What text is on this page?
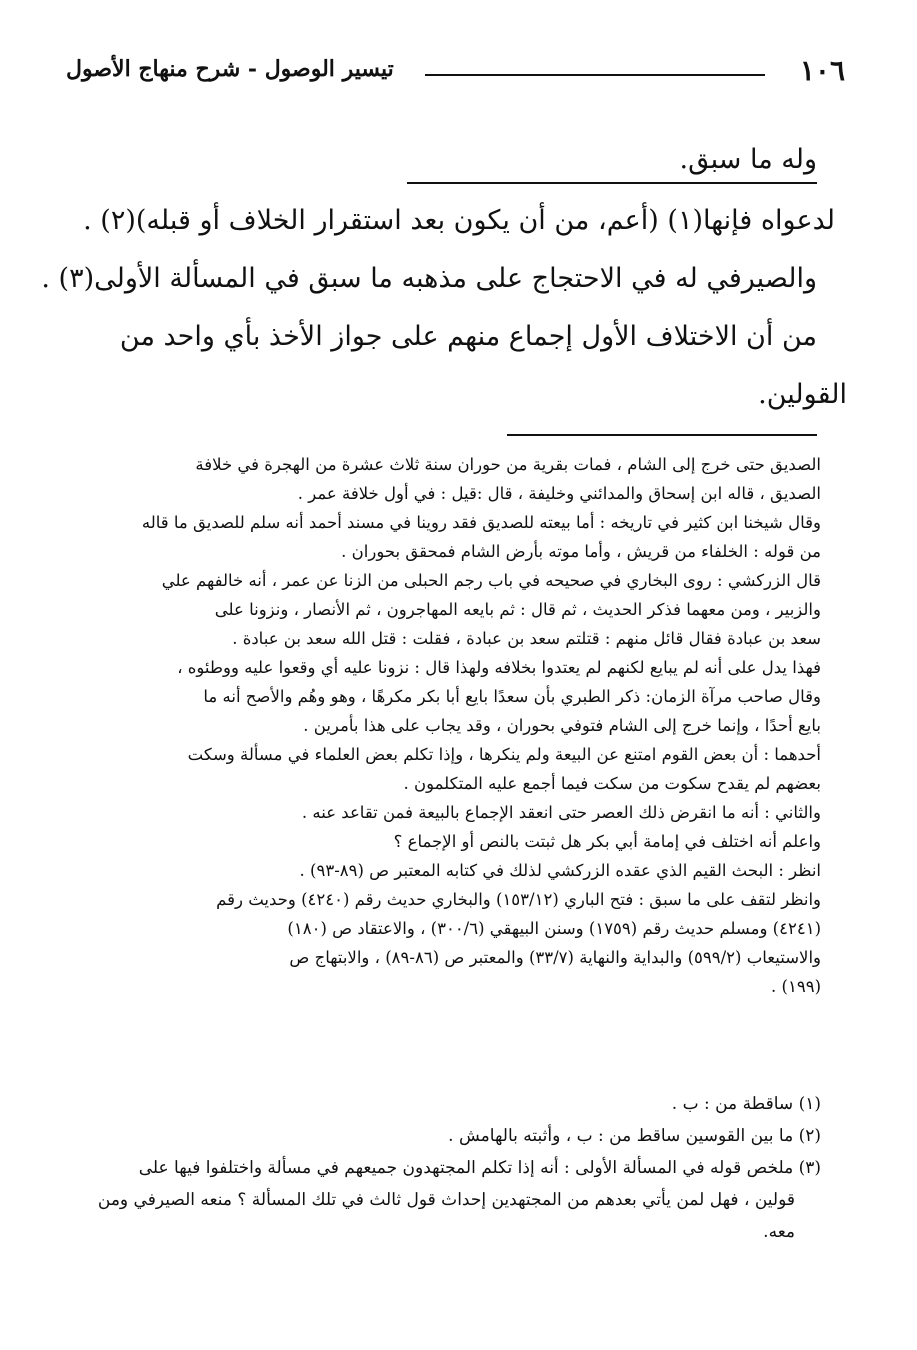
١٠٦
تيسير الوصول - شرح منهاج الأصول
وله ما سبق.
لدعواه فإنها(١) (أعم، من أن يكون بعد استقرار الخلاف أو قبله)(٢) .
والصيرفي له في الاحتجاج على مذهبه ما سبق في المسألة الأولى(٣) .
من أن الاختلاف الأول إجماع منهم على جواز الأخذ بأي واحد من
القولين.
الصديق حتى خرج إلى الشام ، فمات بقرية من حوران سنة ثلاث عشرة من الهجرة في خلافة
الصديق ، قاله ابن إسحاق والمدائني وخليفة ، قال :قيل : في أول خلافة عمر .
وقال شيخنا ابن كثير في تاريخه : أما بيعته للصديق فقد روينا في مسند أحمد أنه سلم للصديق ما قاله
من قوله : الخلفاء من قريش ، وأما موته بأرض الشام فمحقق بحوران .
قال الزركشي : روى البخاري في صحيحه في باب رجم الحبلى من الزنا عن عمر ، أنه خالفهم علي
والزبير ، ومن معهما فذكر الحديث ، ثم قال : ثم بايعه المهاجرون ، ثم الأنصار ، ونزونا على
سعد بن عبادة فقال قائل منهم : قتلتم سعد بن عبادة ، فقلت : قتل الله سعد بن عبادة .
فهذا يدل على أنه لم يبايع لكنهم لم يعتدوا بخلافه ولهذا قال : نزونا عليه أي وقعوا عليه ووطئوه ،
وقال صاحب مرآة الزمان: ذكر الطبري بأن سعدًا بايع أبا بكر مكرهًا ، وهو وهُم والأصح أنه ما
بايع أحدًا ، وإنما خرج إلى الشام فتوفي بحوران ، وقد يجاب على هذا بأمرين .
أحدهما : أن بعض القوم امتنع عن البيعة ولم ينكرها ، وإذا تكلم بعض العلماء في مسألة وسكت
بعضهم لم يقدح سكوت من سكت فيما أجمع عليه المتكلمون .
والثاني : أنه ما انقرض ذلك العصر حتى انعقد الإجماع بالبيعة فمن تقاعد عنه .
واعلم أنه اختلف في إمامة أبي بكر هل ثبتت بالنص أو الإجماع ؟
انظر : البحث القيم الذي عقده الزركشي لذلك في كتابه المعتبر ص (٨٩-٩٣) .
وانظر لتقف على ما سبق : فتح الباري (١٥٣/١٢) والبخاري حديث رقم (٤٢٤٠) وحديث رقم
(٤٢٤١) ومسلم حديث رقم (١٧٥٩) وسنن البيهقي (٣٠٠/٦) ، والاعتقاد ص (١٨٠)
والاستيعاب (٥٩٩/٢) والبداية والنهاية (٣٣/٧) والمعتبر ص (٨٦-٨٩) ، والابتهاج ص
(١٩٩) .
(١) ساقطة من : ب .
(٢) ما بين القوسين ساقط من : ب ، وأثبته بالهامش .
(٣) ملخص قوله في المسألة الأولى : أنه إذا تكلم المجتهدون جميعهم في مسألة واختلفوا فيها على
قولين ، فهل لمن يأتي بعدهم من المجتهدين إحداث قول ثالث في تلك المسألة ؟ منعه الصيرفي ومن
معه.
